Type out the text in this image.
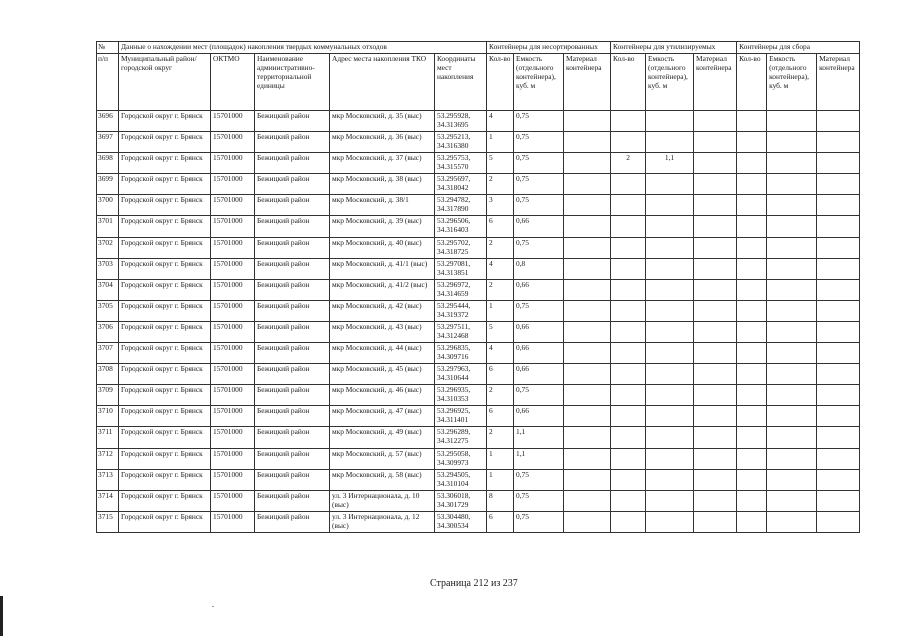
№	Данные о нахождении мест (площадок) накопления твердых коммунальных отходов					Контейнеры для несортированных			Контейнеры для утилизируемых			Контейнеры для сбора		
п/п	Муниципальный район/городской округ	ОКТМО	Наименование административно-территориальной единицы	Адрес места накопления ТКО	Координаты мест накопления	Кол-во	Емкость (отдельного контейнера), куб. м	Материал контейнера	Кол-во	Емкость (отдельного контейнера), куб. м	Материал контейнера	Кол-во	Емкость (отдельного контейнера), куб. м	Материал контейнера
3696	Городской округ г. Брянск	15701000	Бежицкий район	мкр Московский, д. 35 (выс)	53.295928, 34.313695	4	0,75							
3697	Городской округ г. Брянск	15701000	Бежицкий район	мкр Московский, д. 36 (выс)	53.295213, 34.316380	1	0,75							
3698	Городской округ г. Брянск	15701000	Бежицкий район	мкр Московский, д. 37 (выс)	53.295753, 34.315570	5	0,75		2	1,1				
3699	Городской округ г. Брянск	15701000	Бежицкий район	мкр Московский, д. 38 (выс)	53.295697, 34.318042	2	0,75							
3700	Городской округ г. Брянск	15701000	Бежицкий район	мкр Московский, д. 38/1	53.294782, 34.317890	3	0,75							
3701	Городской округ г. Брянск	15701000	Бежицкий район	мкр Московский, д. 39 (выс)	53.296506, 34.316403	6	0,66							
3702	Городской округ г. Брянск	15701000	Бежицкий район	мкр Московский, д. 40 (выс)	53.295702, 34.318725	2	0,75							
3703	Городской округ г. Брянск	15701000	Бежицкий район	мкр Московский, д. 41/1 (выс)	53.297081, 34.313851	4	0,8							
3704	Городской округ г. Брянск	15701000	Бежицкий район	мкр Московский, д. 41/2 (выс)	53.296972, 34.314659	2	0,66							
3705	Городской округ г. Брянск	15701000	Бежицкий район	мкр Московский, д. 42 (выс)	53.295444, 34.319372	1	0,75							
3706	Городской округ г. Брянск	15701000	Бежицкий район	мкр Московский, д. 43 (выс)	53.297511, 34.312468	5	0,66							
3707	Городской округ г. Брянск	15701000	Бежицкий район	мкр Московский, д. 44 (выс)	53.296835, 34.309716	4	0,66							
3708	Городской округ г. Брянск	15701000	Бежицкий район	мкр Московский, д. 45 (выс)	53.297963, 34.310644	6	0,66							
3709	Городской округ г. Брянск	15701000	Бежицкий район	мкр Московский, д. 46 (выс)	53.296935, 34.310353	2	0,75							
3710	Городской округ г. Брянск	15701000	Бежицкий район	мкр Московский, д. 47 (выс)	53.296925, 34.311401	6	0,66							
3711	Городской округ г. Брянск	15701000	Бежицкий район	мкр Московский, д. 49 (выс)	53.296289, 34.312275	2	1,1							
3712	Городской округ г. Брянск	15701000	Бежицкий район	мкр Московский, д. 57 (выс)	53.295058, 34.309973	1	1,1							
3713	Городской округ г. Брянск	15701000	Бежицкий район	мкр Московский, д. 58 (выс)	53.294505, 34.310104	1	0,75							
3714	Городской округ г. Брянск	15701000	Бежицкий район	ул. 3 Интернационала, д. 10 (выс)	53.306018, 34.301729	8	0,75							
3715	Городской округ г. Брянск	15701000	Бежицкий район	ул. 3 Интернационала, д. 12 (выс)	53.304480, 34.300534	6	0,75							
Страница 212 из 237
